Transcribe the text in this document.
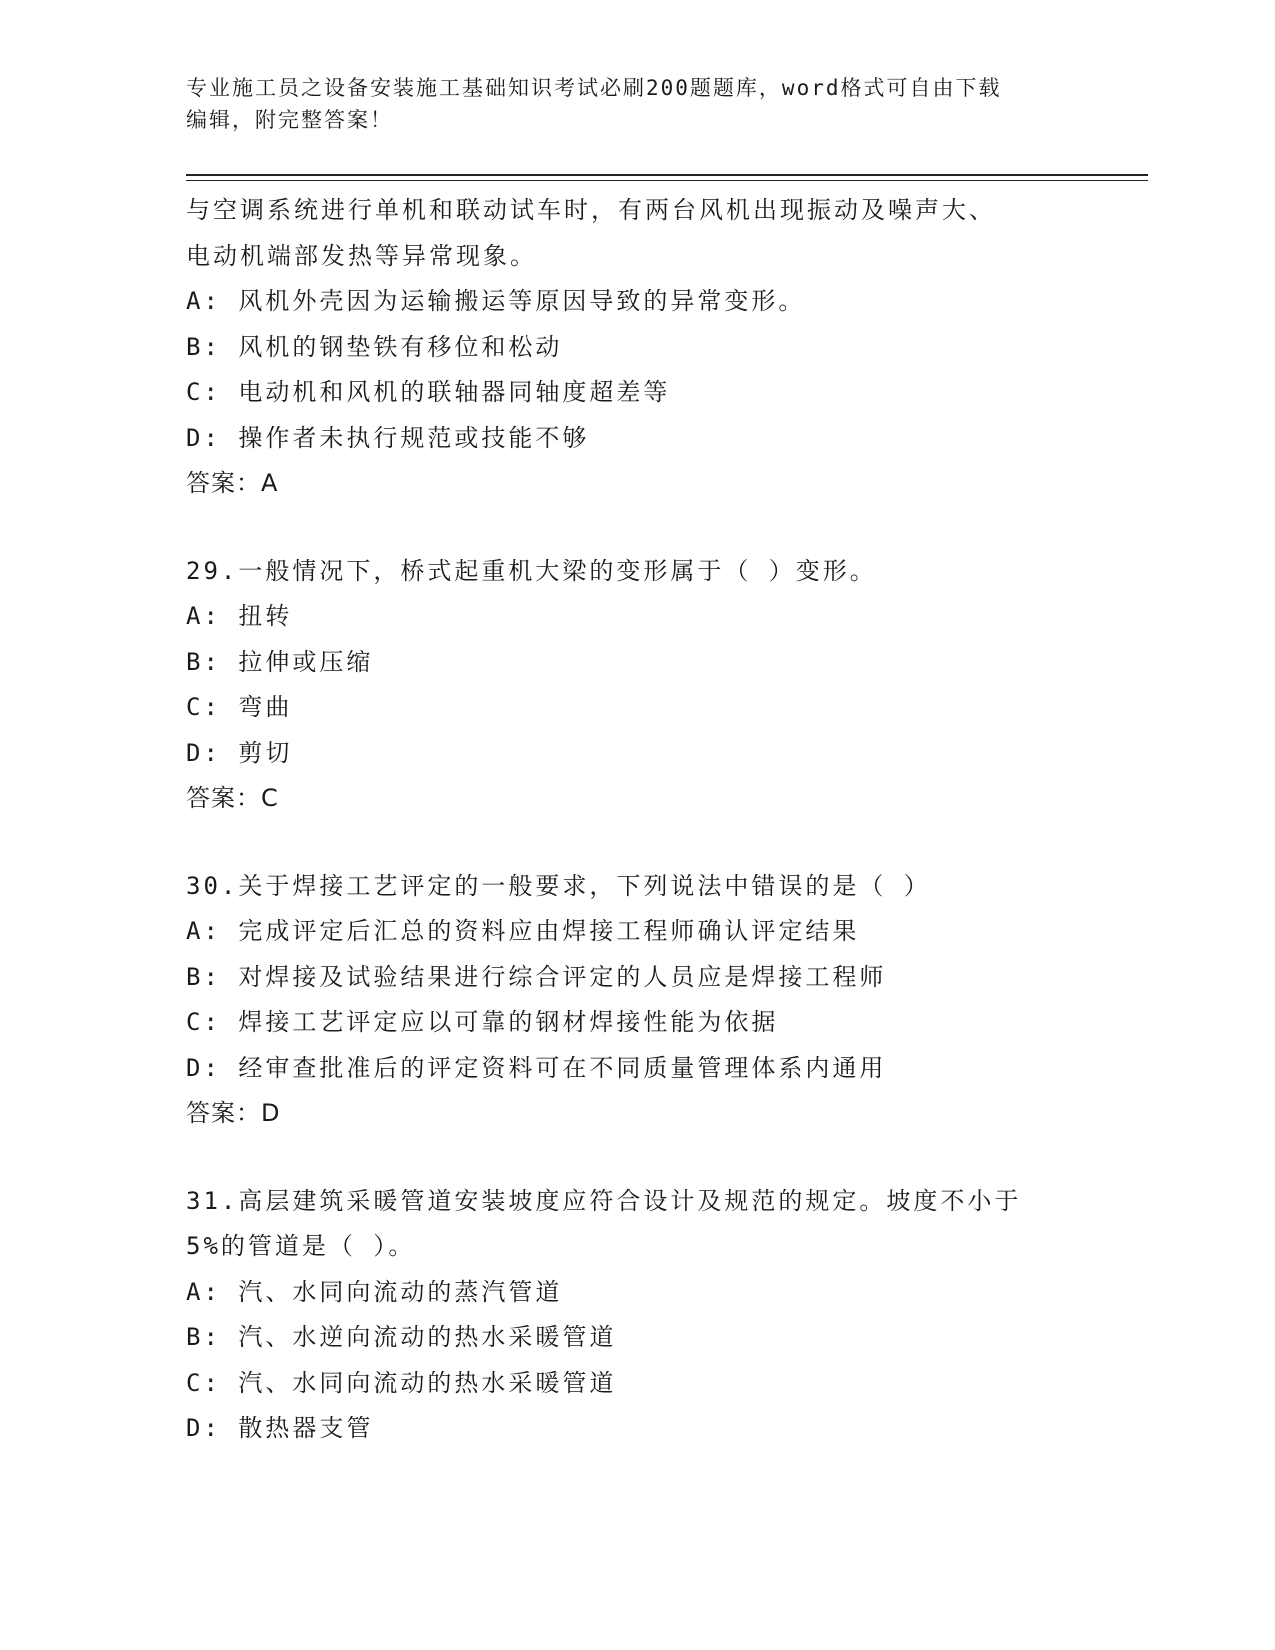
专业施工员之设备安装施工基础知识考试必刷200题题库，word格式可自由下载
编辑，附完整答案！
与空调系统进行单机和联动试车时，有两台风机出现振动及噪声大、
电动机端部发热等异常现象。
A: 风机外壳因为运输搬运等原因导致的异常变形。
B: 风机的钢垫铁有移位和松动
C: 电动机和风机的联轴器同轴度超差等
D: 操作者未执行规范或技能不够
答案：A
29.一般情况下，桥式起重机大梁的变形属于（ ）变形。
A: 扭转
B: 拉伸或压缩
C: 弯曲
D: 剪切
答案：C
30.关于焊接工艺评定的一般要求，下列说法中错误的是（ ）
A: 完成评定后汇总的资料应由焊接工程师确认评定结果
B: 对焊接及试验结果进行综合评定的人员应是焊接工程师
C: 焊接工艺评定应以可靠的钢材焊接性能为依据
D: 经审查批准后的评定资料可在不同质量管理体系内通用
答案：D
31.高层建筑采暖管道安装坡度应符合设计及规范的规定。坡度不小于
5%的管道是（ ）。
A: 汽、水同向流动的蒸汽管道
B: 汽、水逆向流动的热水采暖管道
C: 汽、水同向流动的热水采暖管道
D: 散热器支管
